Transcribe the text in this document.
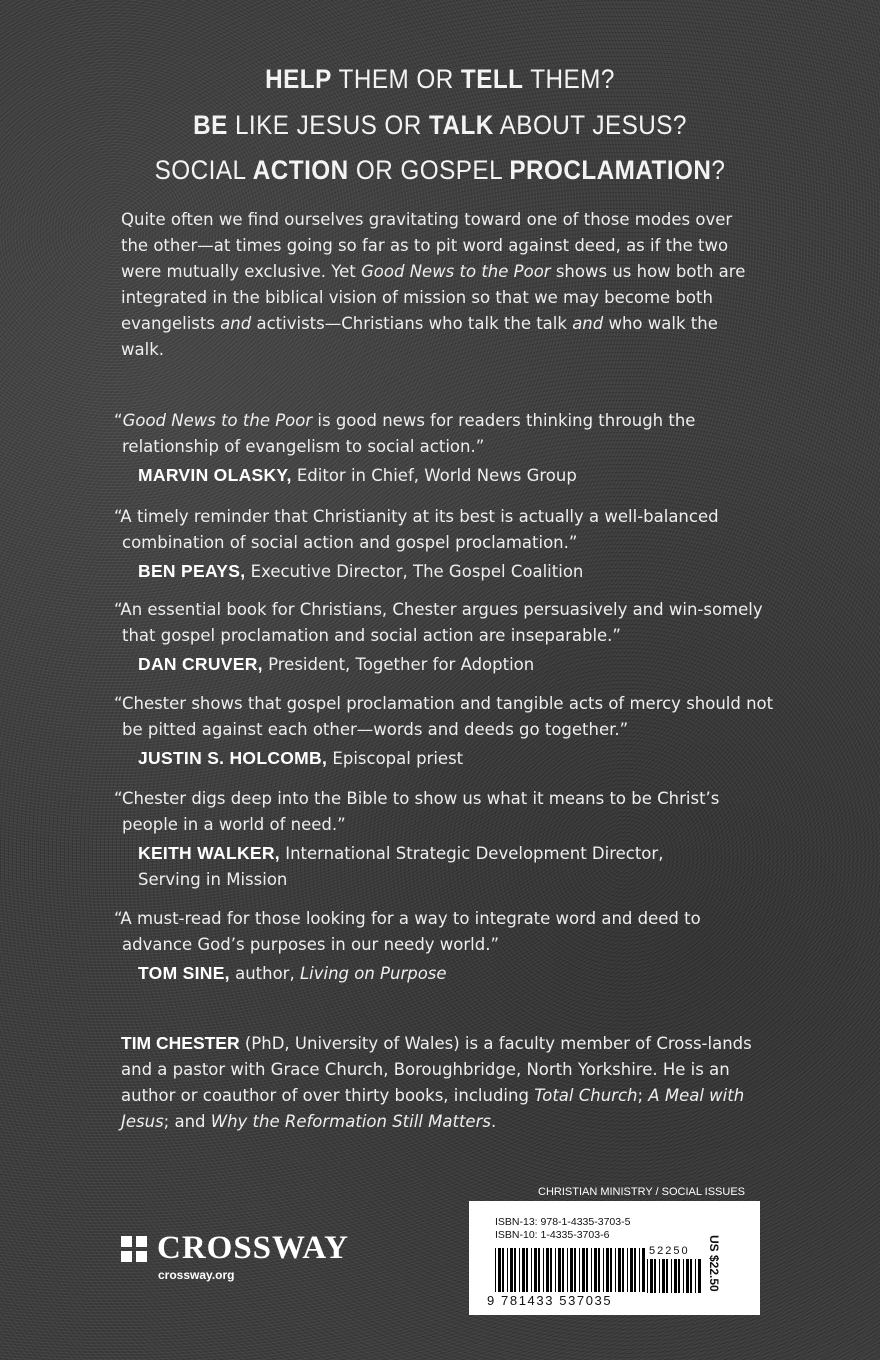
HELP THEM OR TELL THEM?
BE LIKE JESUS OR TALK ABOUT JESUS?
SOCIAL ACTION OR GOSPEL PROCLAMATION?
Quite often we find ourselves gravitating toward one of those modes over the other—at times going so far as to pit word against deed, as if the two were mutually exclusive. Yet Good News to the Poor shows us how both are integrated in the biblical vision of mission so that we may become both evangelists and activists—Christians who talk the talk and who walk the walk.
“Good News to the Poor is good news for readers thinking through the relationship of evangelism to social action.”
MARVIN OLASKY, Editor in Chief, World News Group
“A timely reminder that Christianity at its best is actually a well-balanced combination of social action and gospel proclamation.”
BEN PEAYS, Executive Director, The Gospel Coalition
“An essential book for Christians, Chester argues persuasively and win-somely that gospel proclamation and social action are inseparable.”
DAN CRUVER, President, Together for Adoption
“Chester shows that gospel proclamation and tangible acts of mercy should not be pitted against each other—words and deeds go together.”
JUSTIN S. HOLCOMB, Episcopal priest
“Chester digs deep into the Bible to show us what it means to be Christ’s people in a world of need.”
KEITH WALKER, International Strategic Development Director,
Serving in Mission
“A must-read for those looking for a way to integrate word and deed to advance God’s purposes in our needy world.”
TOM SINE, author, Living on Purpose
TIM CHESTER (PhD, University of Wales) is a faculty member of Cross-lands and a pastor with Grace Church, Boroughbridge, North Yorkshire. He is an author or coauthor of over thirty books, including Total Church; A Meal with Jesus; and Why the Reformation Still Matters.
CROSSWAY
crossway.org
CHRISTIAN MINISTRY / SOCIAL ISSUES
ISBN-13: 978-1-4335-3703-5
ISBN-10: 1-4335-3703-6
52250
9 781433 537035
US $22.50
